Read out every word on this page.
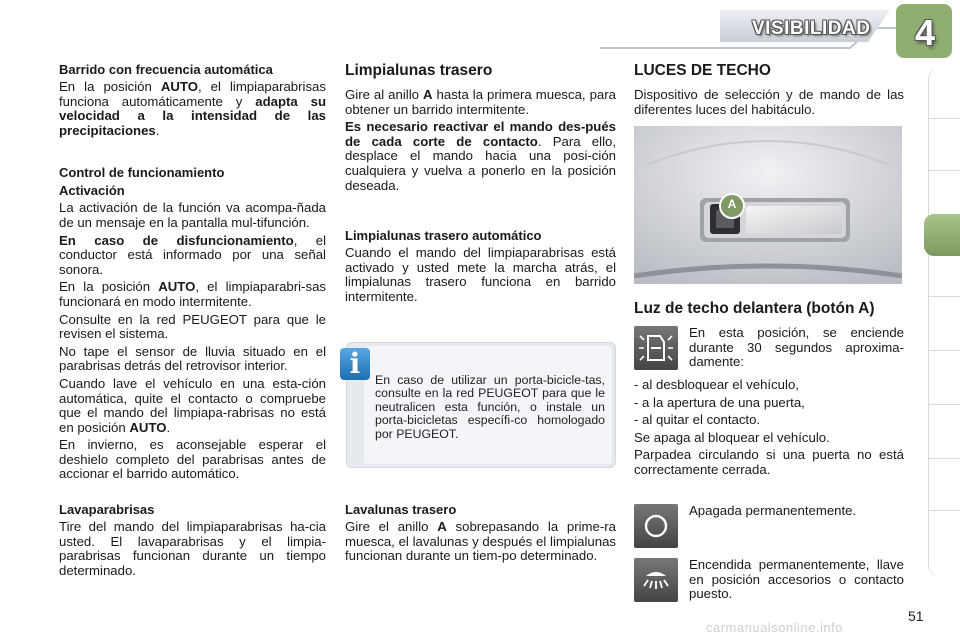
VISIBILIDAD 4
Barrido con frecuencia automática

En la posición AUTO, el limpiaparabrisas funciona automáticamente y adapta su velocidad a la intensidad de las precipitaciones.

Control de funcionamiento
Activación

La activación de la función va acompa-ñada de un mensaje en la pantalla mul-tifunción.

En caso de disfuncionamiento, el conductor está informado por una señal sonora.

En la posición AUTO, el limpiaparabri-sas funcionará en modo intermitente.

Consulte en la red PEUGEOT para que le revisen el sistema.

No tape el sensor de lluvia situado en el parabrisas detrás del retrovisor interior.

Cuando lave el vehículo en una esta-ción automática, quite el contacto o compruebe que el mando del limpiapa-rabrisas no está en posición AUTO.

En invierno, es aconsejable esperar el deshielo completo del parabrisas antes de accionar el barrido automático.

Lavaparabrisas

Tire del mando del limpiaparabrisas ha-cia usted. El lavaparabrisas y el limpia-parabrisas funcionan durante un tiempo determinado.

Limpialunas trasero

Gire al anillo A hasta la primera muesca, para obtener un barrido intermitente.

Es necesario reactivar el mando des-pués de cada corte de contacto. Para ello, desplace el mando hacia una posi-ción cualquiera y vuelva a ponerlo en la posición deseada.

Limpialunas trasero automático

Cuando el mando del limpiaparabrisas está activado y usted mete la marcha atrás, el limpialunas trasero funciona en barrido intermitente.

i	En caso de utilizar un porta-bicicle-tas, consulte en la red PEUGEOT para que le neutralicen esta función, o instale un porta-bicicletas específi-co homologado por PEUGEOT.
Lavalunas trasero

Gire el anillo A sobrepasando la prime-ra muesca, el lavalunas y después el limpialunas funcionan durante un tiem-po determinado.

LUCES DE TECHO

Dispositivo de selección y de mando de las diferentes luces del habitáculo.

A
Luz de techo delantera (botón A)

En esta posición, se enciende durante 30 segundos aproxima-damente:

- al desbloquear el vehículo,

- a la apertura de una puerta,

- al quitar el contacto.

Se apaga al bloquear el vehículo.

Parpadea circulando si una puerta no está correctamente cerrada.

Apagada permanentemente.

Encendida permanentemente, llave en posición accesorios o contacto puesto.

51
carmanualsonline.info
